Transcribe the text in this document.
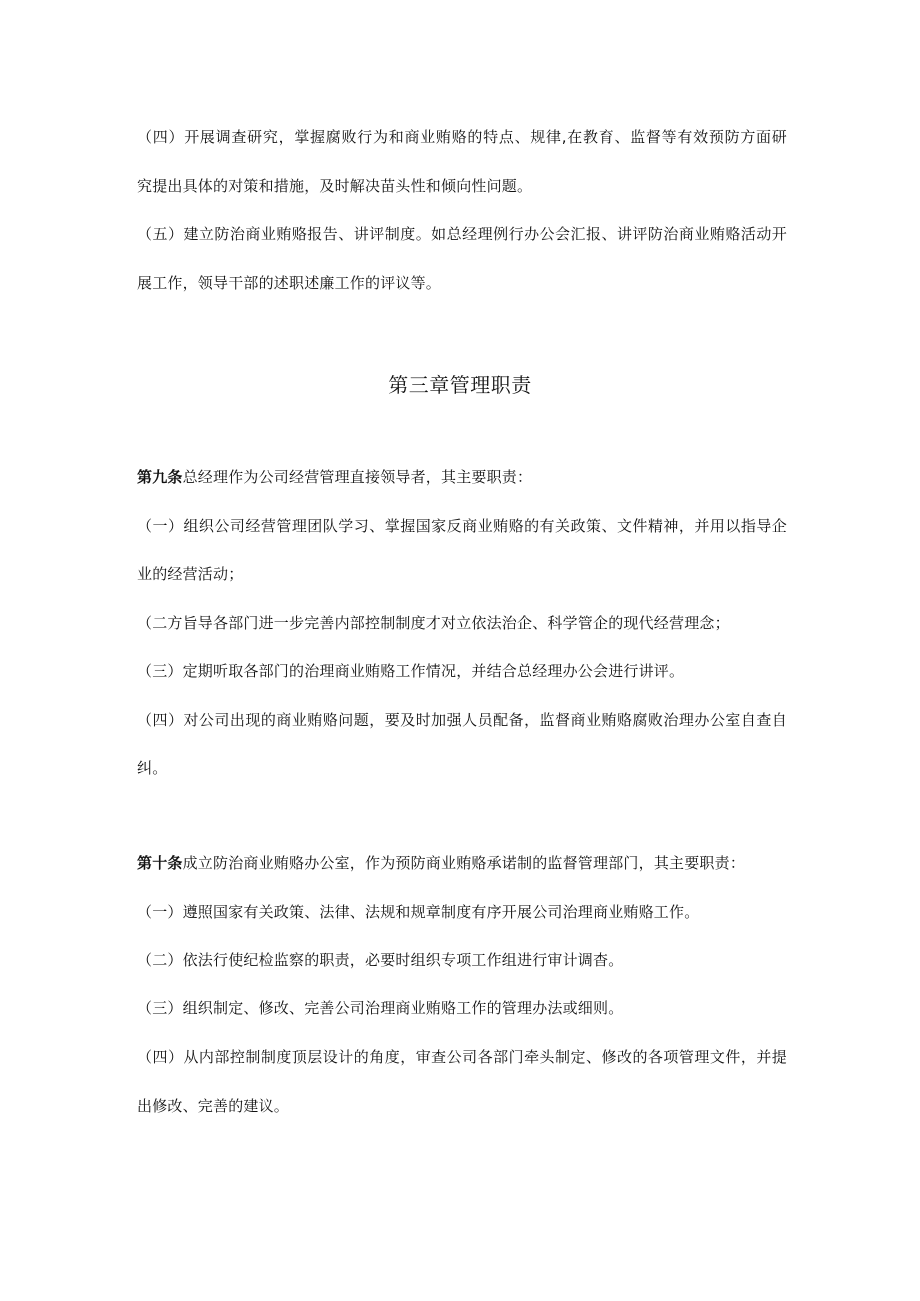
（四）开展调查研究，掌握腐败行为和商业贿赂的特点、规律,在教育、监督等有效预防方面研
究提出具体的对策和措施，及时解决苗头性和倾向性问题。
（五）建立防治商业贿赂报告、讲评制度。如总经理例行办公会汇报、讲评防治商业贿赂活动开
展工作，领导干部的述职述廉工作的评议等。
第三章管理职责
第九条总经理作为公司经营管理直接领导者，其主要职责：
（一）组织公司经营管理团队学习、掌握国家反商业贿赂的有关政策、文件精神，并用以指导企
业的经营活动；
（二方旨导各部门进一步完善内部控制制度才对立依法治企、科学管企的现代经营理念；
（三）定期听取各部门的治理商业贿赂工作情况，并结合总经理办公会进行讲评。
（四）对公司出现的商业贿赂问题，要及时加强人员配备，监督商业贿赂腐败治理办公室自查自
纠。
第十条成立防治商业贿赂办公室，作为预防商业贿赂承诺制的监督管理部门，其主要职责：
（一）遵照国家有关政策、法律、法规和规章制度有序开展公司治理商业贿赂工作。
（二）依法行使纪检监察的职责，必要时组织专项工作组进行审计调杳。
（三）组织制定、修改、完善公司治理商业贿赂工作的管理办法或细则。
（四）从内部控制制度顶层设计的角度，审查公司各部门牵头制定、修改的各项管理文件，并提
出修改、完善的建议。
